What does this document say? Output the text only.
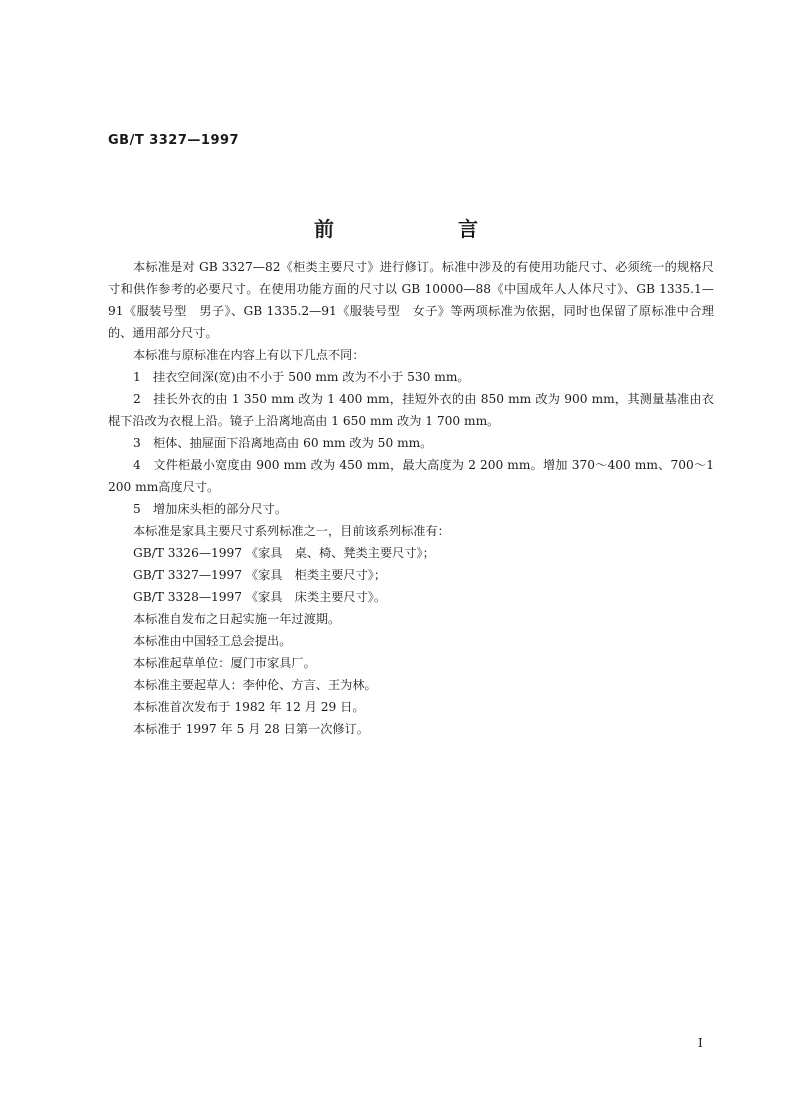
GB/T 3327—1997
前　言

本标准是对 GB 3327—82《柜类主要尺寸》进行修订。标准中涉及的有使用功能尺寸、必须统一的规格尺寸和供作参考的必要尺寸。在使用功能方面的尺寸以 GB 10000—88《中国成年人人体尺寸》、GB 1335.1—91《服装号型　男子》、GB 1335.2—91《服装号型　女子》等两项标准为依据，同时也保留了原标准中合理的、通用部分尺寸。

本标准与原标准在内容上有以下几点不同：

1　挂衣空间深(宽)由不小于 500 mm 改为不小于 530 mm。

2　挂长外衣的由 1 350 mm 改为 1 400 mm，挂短外衣的由 850 mm 改为 900 mm，其测量基准由衣棍下沿改为衣棍上沿。镜子上沿离地高由 1 650 mm 改为 1 700 mm。

3　柜体、抽屉面下沿离地高由 60 mm 改为 50 mm。

4　文件柜最小宽度由 900 mm 改为 450 mm，最大高度为 2 200 mm。增加 370～400 mm、700～1 200 mm高度尺寸。

5　增加床头柜的部分尺寸。

本标准是家具主要尺寸系列标准之一，目前该系列标准有：

GB/T 3326—1997 《家具　桌、椅、凳类主要尺寸》；

GB/T 3327—1997 《家具　柜类主要尺寸》；

GB/T 3328—1997 《家具　床类主要尺寸》。

本标准自发布之日起实施一年过渡期。

本标准由中国轻工总会提出。

本标准起草单位：厦门市家具厂。

本标准主要起草人：李仲伦、方言、王为林。

本标准首次发布于 1982 年 12 月 29 日。

本标准于 1997 年 5 月 28 日第一次修订。

I
